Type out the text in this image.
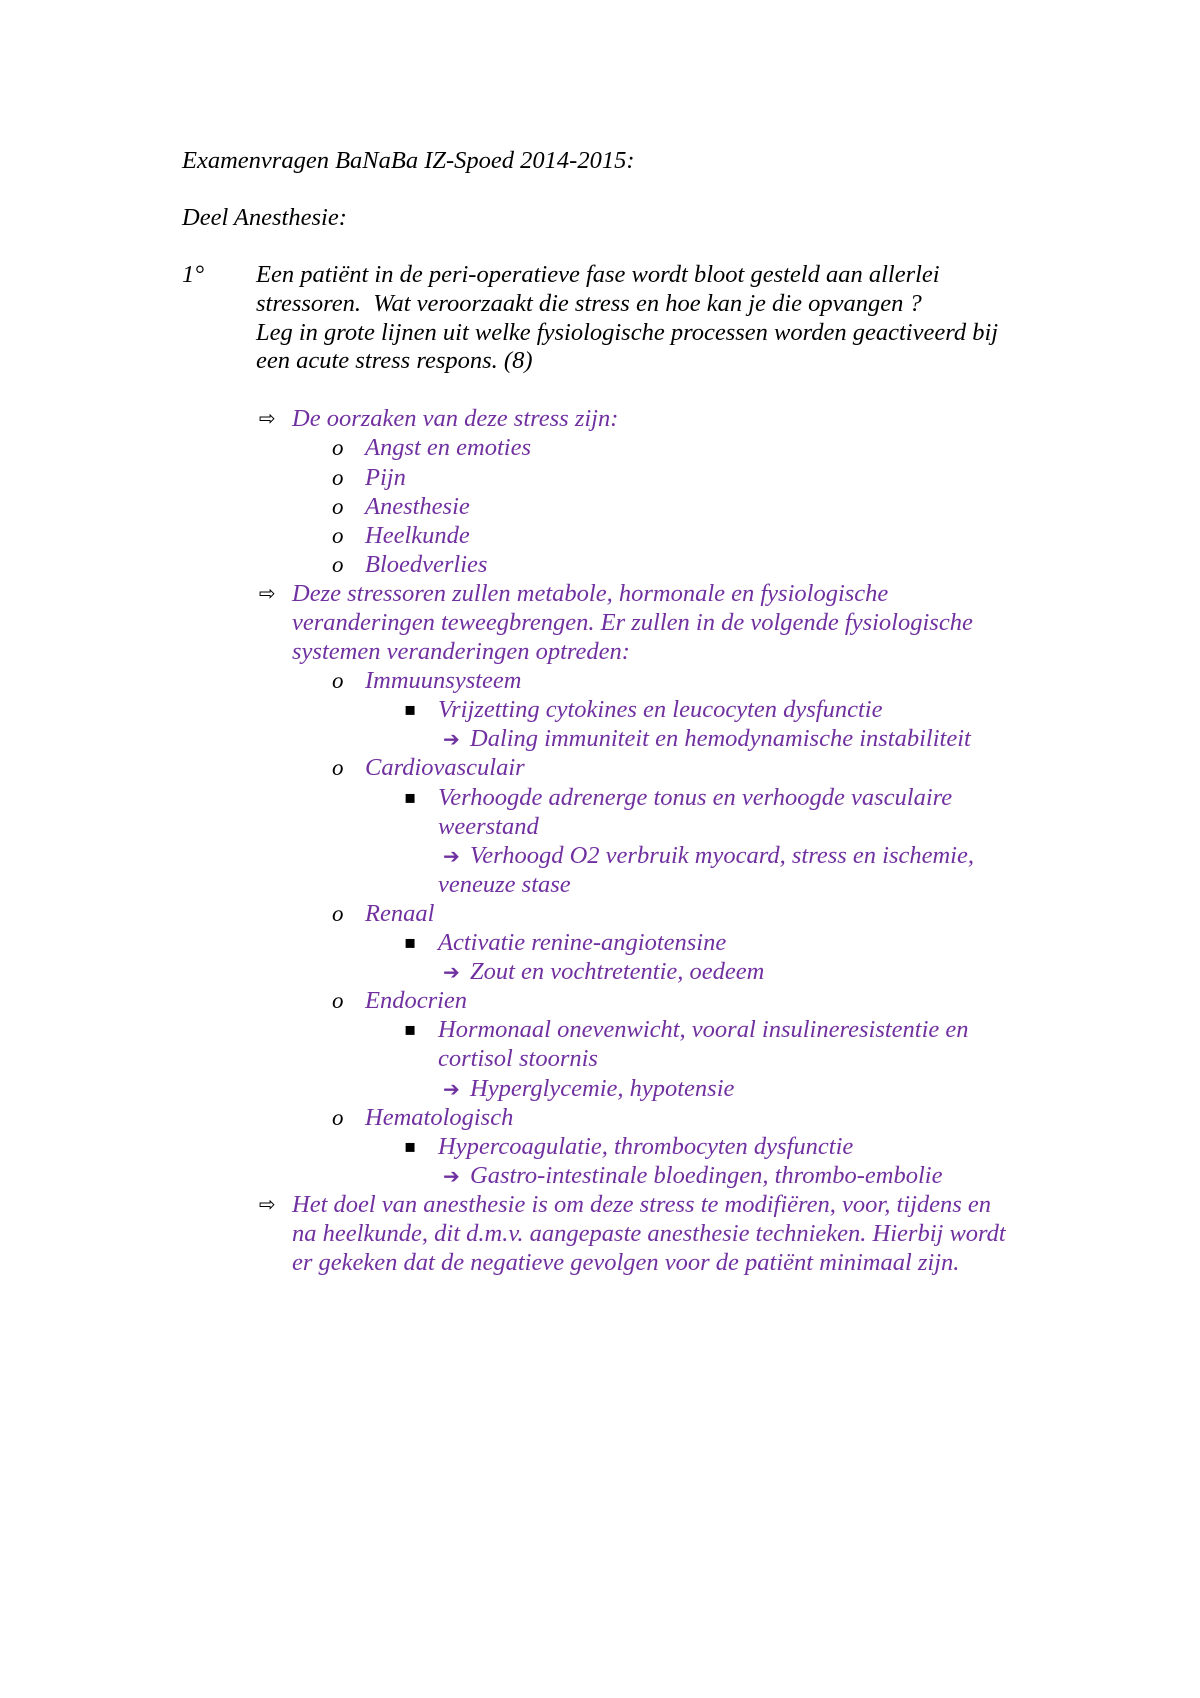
Examenvragen BaNaBa IZ-Spoed 2014-2015:
Deel Anesthesie:
1° Een patiënt in de peri-operatieve fase wordt bloot gesteld aan allerlei
stressoren.  Wat veroorzaakt die stress en hoe kan je die opvangen ?
Leg in grote lijnen uit welke fysiologische processen worden geactiveerd bij
een acute stress respons. (8)
⇨ De oorzaken van deze stress zijn:
o Angst en emoties
o Pijn
o Anesthesie
o Heelkunde
o Bloedverlies
⇨ Deze stressoren zullen metabole, hormonale en fysiologische
veranderingen teweegbrengen. Er zullen in de volgende fysiologische
systemen veranderingen optreden:
o Immuunsysteem
▪ Vrijzetting cytokines en leucocyten dysfunctie
➔ Daling immuniteit en hemodynamische instabiliteit
o Cardiovasculair
▪ Verhoogde adrenerge tonus en verhoogde vasculaire
weerstand
➔ Verhoogd O2 verbruik myocard, stress en ischemie,
veneuze stase
o Renaal
▪ Activatie renine-angiotensine
➔ Zout en vochtretentie, oedeem
o Endocrien
▪ Hormonaal onevenwicht, vooral insulineresistentie en
cortisol stoornis
➔ Hyperglycemie, hypotensie
o Hematologisch
▪ Hypercoagulatie, thrombocyten dysfunctie
➔ Gastro-intestinale bloedingen, thrombo-embolie
⇨ Het doel van anesthesie is om deze stress te modifiëren, voor, tijdens en
na heelkunde, dit d.m.v. aangepaste anesthesie technieken. Hierbij wordt
er gekeken dat de negatieve gevolgen voor de patiënt minimaal zijn.
